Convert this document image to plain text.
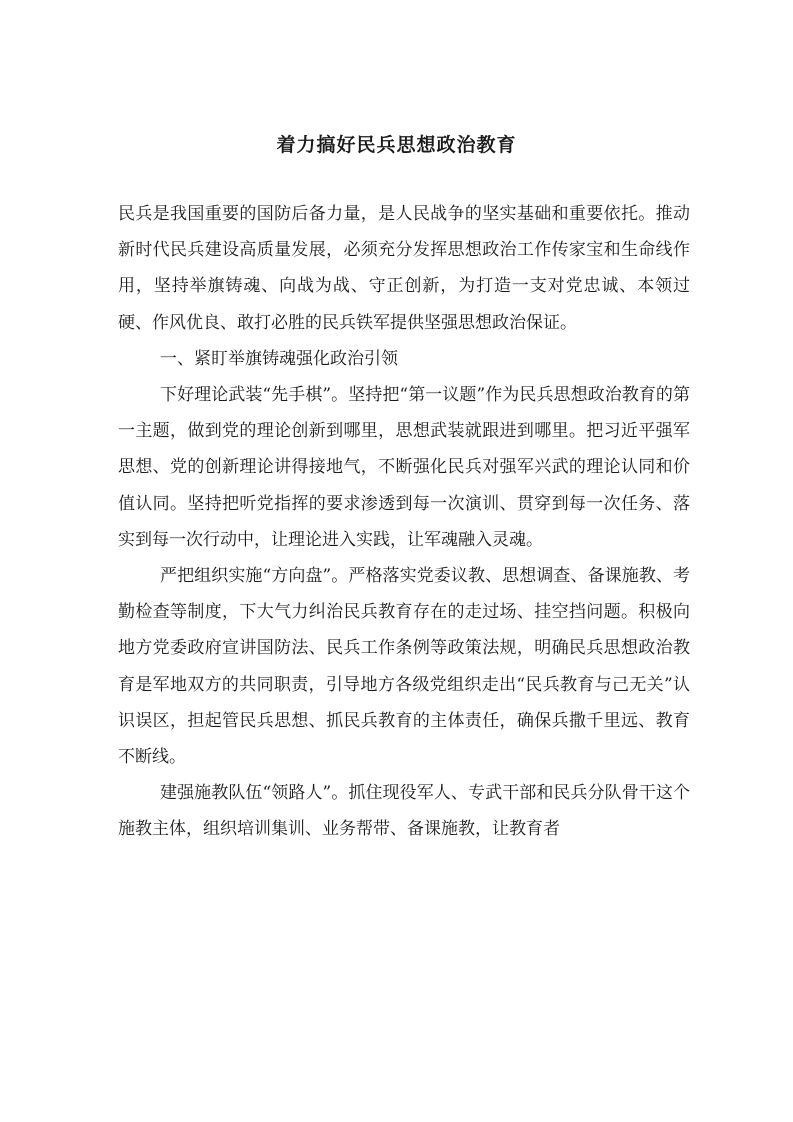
着力搞好民兵思想政治教育

民兵是我国重要的国防后备力量，是人民战争的坚实基础和重要依托。推动新时代民兵建设高质量发展，必须充分发挥思想政治工作传家宝和生命线作用，坚持举旗铸魂、向战为战、守正创新，为打造一支对党忠诚、本领过硬、作风优良、敢打必胜的民兵铁军提供坚强思想政治保证。

一、紧盯举旗铸魂强化政治引领

下好理论武装“先手棋”。坚持把“第一议题”作为民兵思想政治教育的第一主题，做到党的理论创新到哪里，思想武装就跟进到哪里。把习近平强军思想、党的创新理论讲得接地气，不断强化民兵对强军兴武的理论认同和价值认同。坚持把听党指挥的要求渗透到每一次演训、贯穿到每一次任务、落实到每一次行动中，让理论进入实践，让军魂融入灵魂。

严把组织实施“方向盘”。严格落实党委议教、思想调查、备课施教、考勤检查等制度，下大气力纠治民兵教育存在的走过场、挂空挡问题。积极向地方党委政府宣讲国防法、民兵工作条例等政策法规，明确民兵思想政治教育是军地双方的共同职责，引导地方各级党组织走出“民兵教育与己无关”认识误区，担起管民兵思想、抓民兵教育的主体责任，确保兵撒千里远、教育不断线。

建强施教队伍“领路人”。抓住现役军人、专武干部和民兵分队骨干这个施教主体，组织培训集训、业务帮带、备课施教，让教育者
